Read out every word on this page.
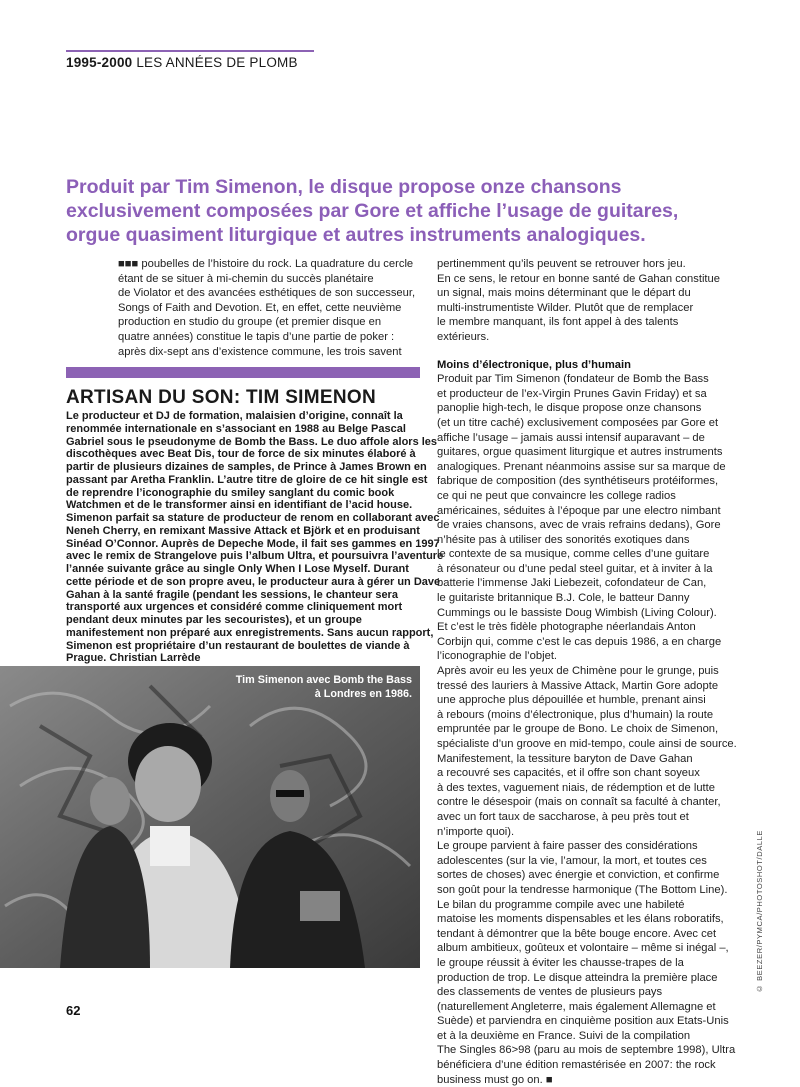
1995-2000 LES ANNÉES DE PLOMB
Produit par Tim Simenon, le disque propose onze chansons exclusivement composées par Gore et affiche l’usage de guitares, orgue quasiment liturgique et autres instruments analogiques.
■■■ poubelles de l’histoire du rock. La quadrature du cercle
étant de se situer à mi-chemin du succès planétaire
de Violator et des avancées esthétiques de son successeur,
Songs of Faith and Devotion. Et, en effet, cette neuvième
production en studio du groupe (et premier disque en
quatre années) constitue le tapis d’une partie de poker :
après dix-sept ans d’existence commune, les trois savent
ARTISAN DU SON: TIM SIMENON
Le producteur et DJ de formation, malaisien d’origine, connaît la
renommée internationale en s’associant en 1988 au Belge Pascal
Gabriel sous le pseudonyme de Bomb the Bass. Le duo affole alors les
discothèques avec Beat Dis, tour de force de six minutes élaboré à
partir de plusieurs dizaines de samples, de Prince à James Brown en
passant par Aretha Franklin. L’autre titre de gloire de ce hit single est
de reprendre l’iconographie du smiley sanglant du comic book
Watchmen et de le transformer ainsi en identifiant de l’acid house.
Simenon parfait sa stature de producteur de renom en collaborant avec
Neneh Cherry, en remixant Massive Attack et Björk et en produisant
Sinéad O’Connor. Auprès de Depeche Mode, il fait ses gammes en 1997
avec le remix de Strangelove puis l’album Ultra, et poursuivra l’aventure
l’année suivante grâce au single Only When I Lose Myself. Durant
cette période et de son propre aveu, le producteur aura à gérer un Dave
Gahan à la santé fragile (pendant les sessions, le chanteur sera
transporté aux urgences et considéré comme cliniquement mort
pendant deux minutes par les secouristes), et un groupe
manifestement non préparé aux enregistrements. Sans aucun rapport,
Simenon est propriétaire d’un restaurant de boulettes de viande à
Prague. Christian Larrède
Tim Simenon avec Bomb the Bass
à Londres en 1986.
© BEEZER/PYMCA/PHOTOSHOT/DALLE
pertinemment qu’ils peuvent se retrouver hors jeu.
En ce sens, le retour en bonne santé de Gahan constitue
un signal, mais moins déterminant que le départ du
multi-instrumentiste Wilder. Plutôt que de remplacer
le membre manquant, ils font appel à des talents
extérieurs.
Moins d’électronique, plus d’humain
Produit par Tim Simenon (fondateur de Bomb the Bass
et producteur de l’ex-Virgin Prunes Gavin Friday) et sa
panoplie high-tech, le disque propose onze chansons
(et un titre caché) exclusivement composées par Gore et
affiche l’usage – jamais aussi intensif auparavant – de
guitares, orgue quasiment liturgique et autres instruments
analogiques. Prenant néanmoins assise sur sa marque de
fabrique de composition (des synthétiseurs protéiformes,
ce qui ne peut que convaincre les college radios
américaines, séduites à l’époque par une electro nimbant
de vraies chansons, avec de vrais refrains dedans), Gore
n’hésite pas à utiliser des sonorités exotiques dans
le contexte de sa musique, comme celles d’une guitare
à résonateur ou d’une pedal steel guitar, et à inviter à la
batterie l’immense Jaki Liebezeit, cofondateur de Can,
le guitariste britannique B.J. Cole, le batteur Danny
Cummings ou le bassiste Doug Wimbish (Living Colour).
Et c’est le très fidèle photographe néerlandais Anton
Corbijn qui, comme c’est le cas depuis 1986, a en charge
l’iconographie de l’objet.
Après avoir eu les yeux de Chimène pour le grunge, puis
tressé des lauriers à Massive Attack, Martin Gore adopte
une approche plus dépouillée et humble, prenant ainsi
à rebours (moins d’électronique, plus d’humain) la route
empruntée par le groupe de Bono. Le choix de Simenon,
spécialiste d’un groove en mid-tempo, coule ainsi de source.
Manifestement, la tessiture baryton de Dave Gahan
a recouvré ses capacités, et il offre son chant soyeux
à des textes, vaguement niais, de rédemption et de lutte
contre le désespoir (mais on connaît sa faculté à chanter,
avec un fort taux de saccharose, à peu près tout et
n’importe quoi).
Le groupe parvient à faire passer des considérations
adolescentes (sur la vie, l’amour, la mort, et toutes ces
sortes de choses) avec énergie et conviction, et confirme
son goût pour la tendresse harmonique (The Bottom Line).
Le bilan du programme compile avec une habileté
matoise les moments dispensables et les élans roboratifs,
tendant à démontrer que la bête bouge encore. Avec cet
album ambitieux, goûteux et volontaire – même si inégal –,
le groupe réussit à éviter les chausse-trapes de la
production de trop. Le disque atteindra la première place
des classements de ventes de plusieurs pays
(naturellement Angleterre, mais également Allemagne et
Suède) et parviendra en cinquième position aux Etats-Unis
et à la deuxième en France. Suivi de la compilation
The Singles 86>98 (paru au mois de septembre 1998), Ultra
bénéficiera d’une édition remastérisée en 2007: the rock
business must go on. ■
62
